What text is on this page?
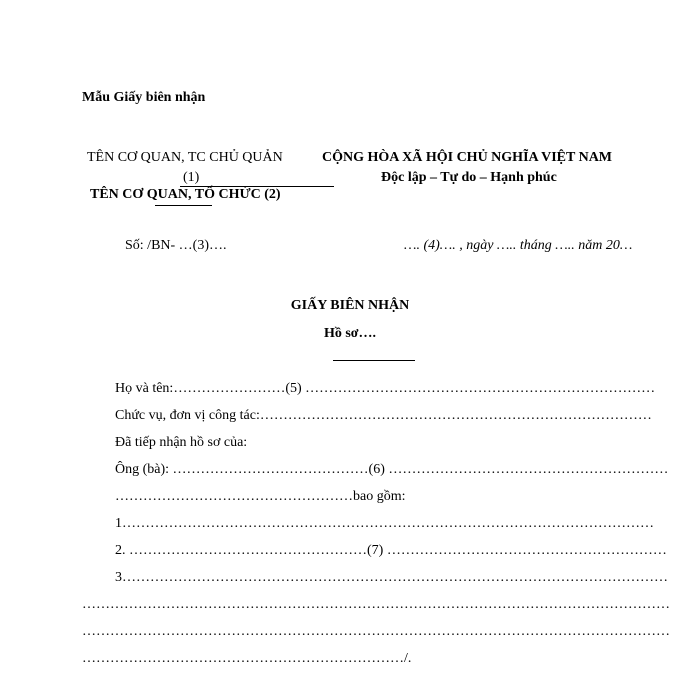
Mẫu Giấy biên nhận
TÊN CƠ QUAN, TC CHỦ QUẢN
(1)
TÊN CƠ QUAN, TỔ CHỨC (2)
CỘNG HÒA XÃ HỘI CHỦ NGHĨA VIỆT NAM
Độc lập – Tự do – Hạnh phúc
Số: /BN- …(3)….	…. (4)…. , ngày ….. tháng ….. năm 20…
GIẤY BIÊN NHẬN
Hồ sơ….
Họ và tên:……………………(5) …………………………………………………………………
Chức vụ, đơn vị công tác:…………………………………………………………………………
Đã tiếp nhận hồ sơ của:
Ông (bà): ……………………………………(6) ……………………………………………………
……………………………………………bao gồm:
1……………………………………………………………………………………………………
2. ……………………………………………(7) ……………………………………………………
3………………………………………………………………………………………………………
………………………………………………………………………………………………………………
………………………………………………………………………………………………………………
……………………………………………………………/.
